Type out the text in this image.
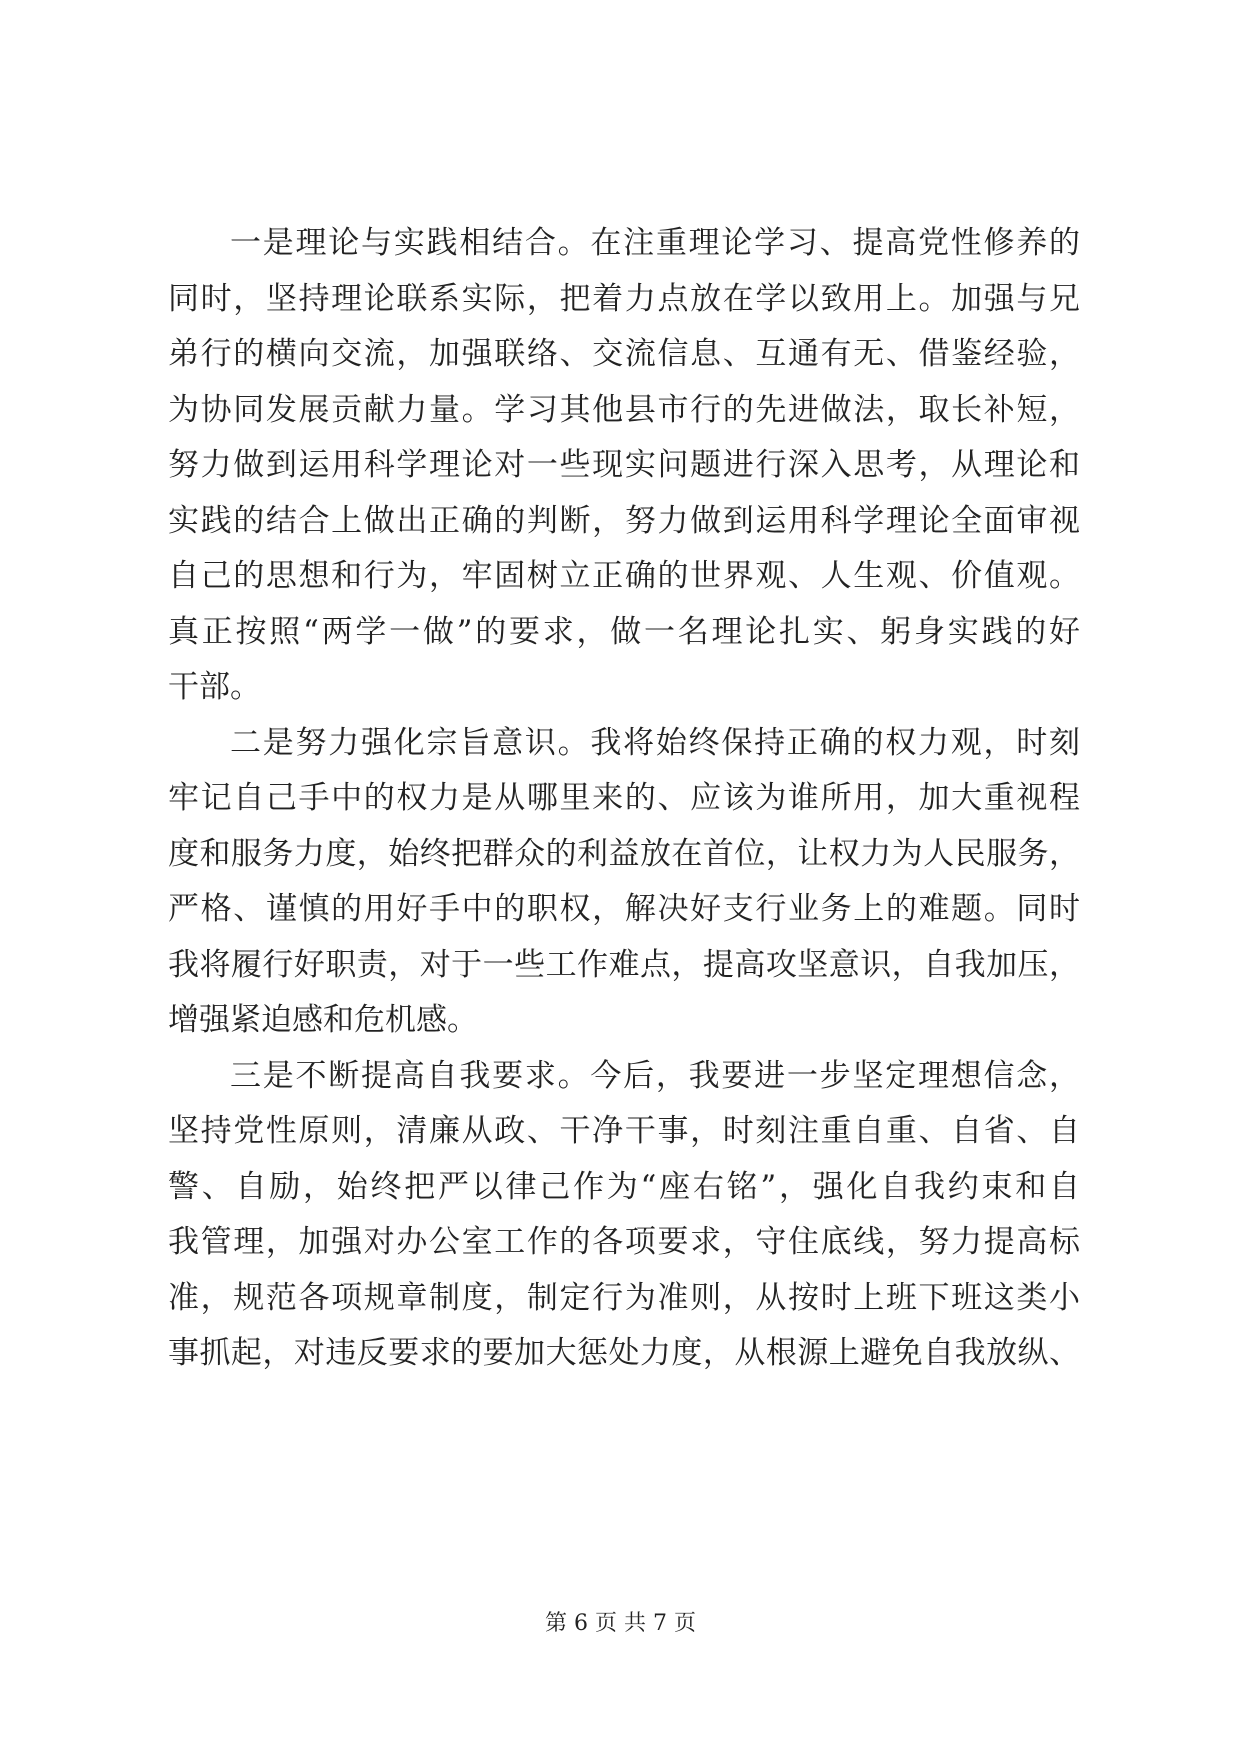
一是理论与实践相结合。在注重理论学习、提高党性修养的
同时，坚持理论联系实际，把着力点放在学以致用上。加强与兄
弟行的横向交流，加强联络、交流信息、互通有无、借鉴经验，
为协同发展贡献力量。学习其他县市行的先进做法，取长补短，
努力做到运用科学理论对一些现实问题进行深入思考，从理论和
实践的结合上做出正确的判断，努力做到运用科学理论全面审视
自己的思想和行为，牢固树立正确的世界观、人生观、价值观。
真正按照“两学一做”的要求，做一名理论扎实、躬身实践的好
干部。
二是努力强化宗旨意识。我将始终保持正确的权力观，时刻
牢记自己手中的权力是从哪里来的、应该为谁所用，加大重视程
度和服务力度，始终把群众的利益放在首位，让权力为人民服务，
严格、谨慎的用好手中的职权，解决好支行业务上的难题。同时
我将履行好职责，对于一些工作难点，提高攻坚意识，自我加压，
增强紧迫感和危机感。
三是不断提高自我要求。今后，我要进一步坚定理想信念，
坚持党性原则，清廉从政、干净干事，时刻注重自重、自省、自
警、自励，始终把严以律己作为“座右铭”，强化自我约束和自
我管理，加强对办公室工作的各项要求，守住底线，努力提高标
准，规范各项规章制度，制定行为准则，从按时上班下班这类小
事抓起，对违反要求的要加大惩处力度，从根源上避免自我放纵、
第 6 页 共 7 页
